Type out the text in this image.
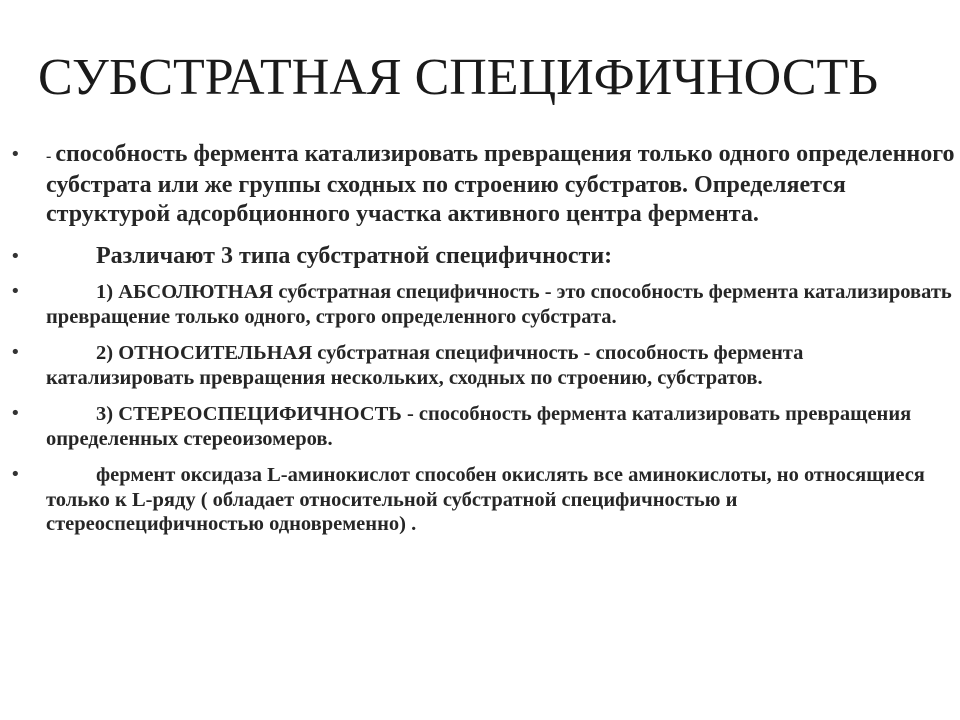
СУБСТРАТНАЯ СПЕЦИФИЧНОСТЬ
• - способность фермента катализировать превращения только одного определенного субстрата или же группы сходных по строению субстратов. Определяется структурой адсорбционного участка активного центра фермента.
•	Различают 3 типа субстратной специфичности:
•	1) АБСОЛЮТНАЯ субстратная специфичность - это способность фермента катализировать превращение только одного, строго определенного субстрата.
•	2) ОТНОСИТЕЛЬНАЯ субстратная специфичность - способность фермента катализировать превращения нескольких, сходных по строению, субстратов.
•	3) СТЕРЕОСПЕЦИФИЧНОСТЬ - способность фермента катализировать превращения определенных стереоизомеров.
•	фермент оксидаза L-аминокислот способен окислять все аминокислоты, но относящиеся только к L-ряду ( обладает относительной субстратной специфичностью и стереоспецифичностью одновременно) .
